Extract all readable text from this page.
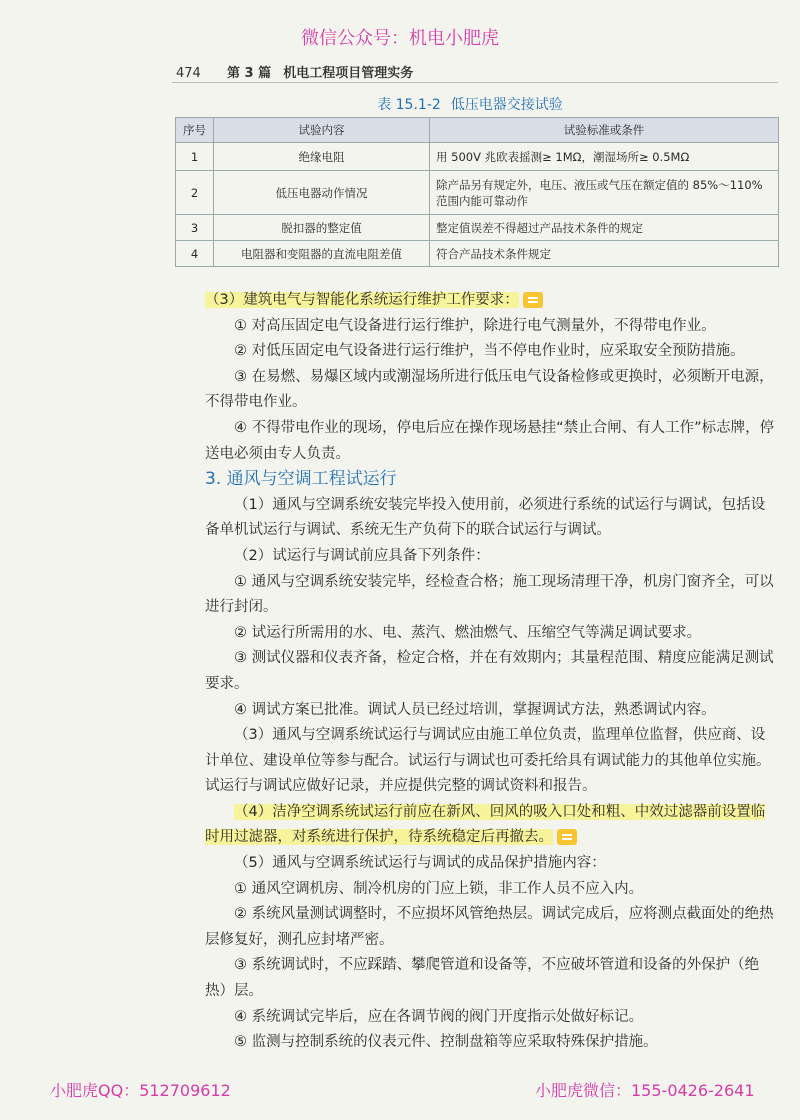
微信公众号：机电小肥虎
474 第 3 篇 机电工程项目管理实务
表 15.1-2 低压电器交接试验
序号	试验内容	试验标准或条件
1	绝缘电阻	用 500V 兆欧表摇测≥ 1MΩ，潮湿场所≥ 0.5MΩ
2	低压电器动作情况	除产品另有规定外，电压、液压或气压在额定值的 85%～110% 范围内能可靠动作
3	脱扣器的整定值	整定值误差不得超过产品技术条件的规定
4	电阻器和变阻器的直流电阻差值	符合产品技术条件规定

（3）建筑电气与智能化系统运行维护工作要求：

① 对高压固定电气设备进行运行维护，除进行电气测量外，不得带电作业。

② 对低压固定电气设备进行运行维护，当不停电作业时，应采取安全预防措施。

③ 在易燃、易爆区域内或潮湿场所进行低压电气设备检修或更换时，必须断开电源，不得带电作业。

④ 不得带电作业的现场，停电后应在操作现场悬挂“禁止合闸、有人工作”标志牌，停送电必须由专人负责。

3. 通风与空调工程试运行

（1）通风与空调系统安装完毕投入使用前，必须进行系统的试运行与调试，包括设备单机试运行与调试、系统无生产负荷下的联合试运行与调试。

（2）试运行与调试前应具备下列条件：

① 通风与空调系统安装完毕，经检查合格；施工现场清理干净，机房门窗齐全，可以进行封闭。

② 试运行所需用的水、电、蒸汽、燃油燃气、压缩空气等满足调试要求。

③ 测试仪器和仪表齐备，检定合格，并在有效期内；其量程范围、精度应能满足测试要求。

④ 调试方案已批准。调试人员已经过培训，掌握调试方法，熟悉调试内容。

（3）通风与空调系统试运行与调试应由施工单位负责，监理单位监督，供应商、设计单位、建设单位等参与配合。试运行与调试也可委托给具有调试能力的其他单位实施。试运行与调试应做好记录，并应提供完整的调试资料和报告。

（4）洁净空调系统试运行前应在新风、回风的吸入口处和粗、中效过滤器前设置临时用过滤器，对系统进行保护，待系统稳定后再撤去。

（5）通风与空调系统试运行与调试的成品保护措施内容：

① 通风空调机房、制冷机房的门应上锁，非工作人员不应入内。

② 系统风量测试调整时，不应损坏风管绝热层。调试完成后，应将测点截面处的绝热层修复好，测孔应封堵严密。

③ 系统调试时，不应踩踏、攀爬管道和设备等，不应破坏管道和设备的外保护（绝热）层。

④ 系统调试完毕后，应在各调节阀的阀门开度指示处做好标记。

⑤ 监测与控制系统的仪表元件、控制盘箱等应采取特殊保护措施。

小肥虎QQ：512709612	小肥虎微信：155-0426-2641
